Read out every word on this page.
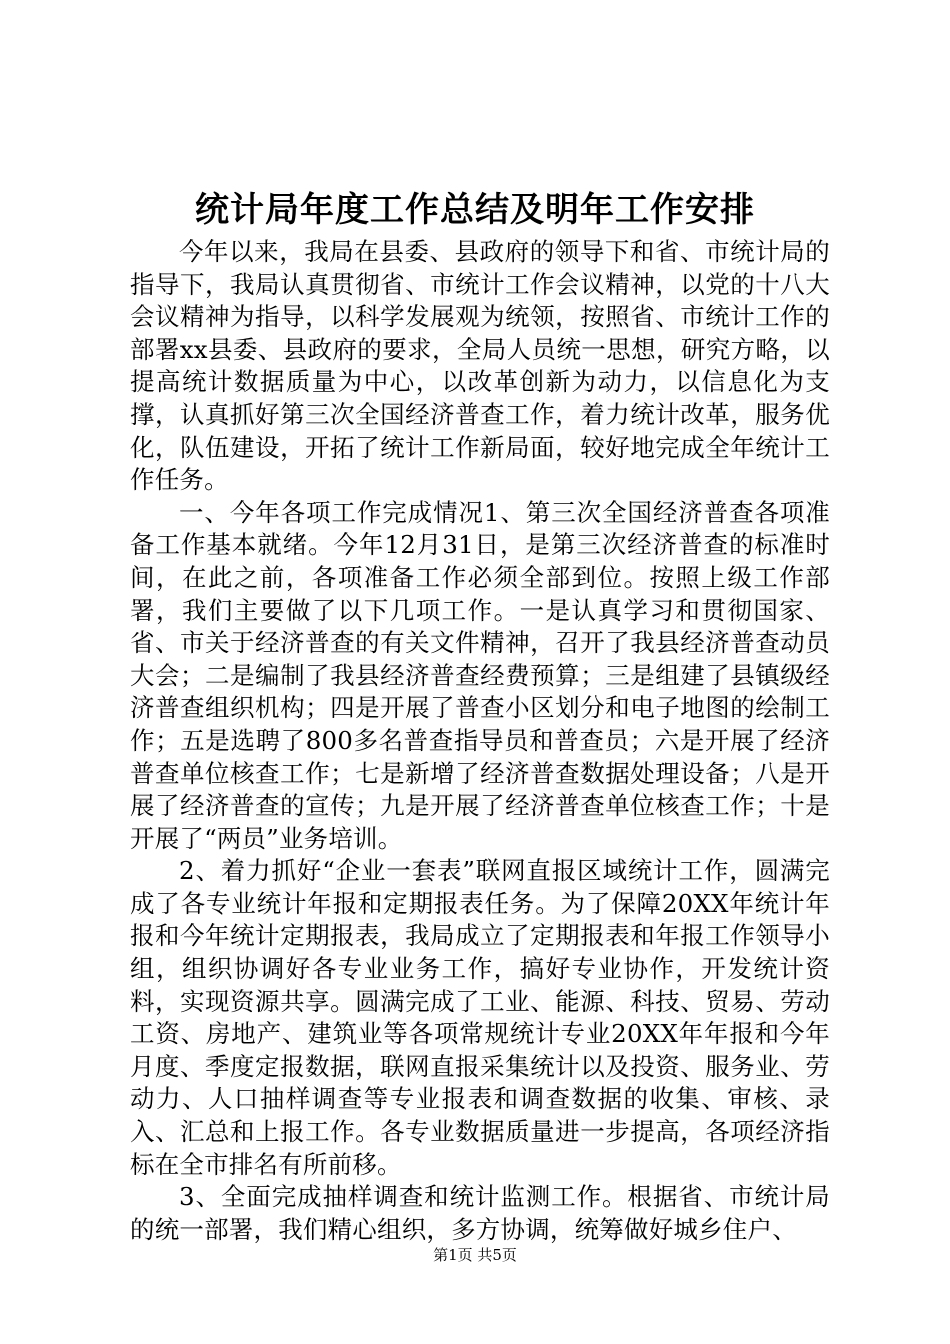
统计局年度工作总结及明年工作安排

今年以来，我局在县委、县政府的领导下和省、市统计局的指导下，我局认真贯彻省、市统计工作会议精神，以党的十八大会议精神为指导，以科学发展观为统领，按照省、市统计工作的部署xx县委、县政府的要求，全局人员统一思想，研究方略，以提高统计数据质量为中心，以改革创新为动力，以信息化为支撑，认真抓好第三次全国经济普查工作，着力统计改革，服务优化，队伍建设，开拓了统计工作新局面，较好地完成全年统计工作任务。

一、今年各项工作完成情况1、第三次全国经济普查各项准备工作基本就绪。今年12月31日，是第三次经济普查的标准时间，在此之前，各项准备工作必须全部到位。按照上级工作部署，我们主要做了以下几项工作。一是认真学习和贯彻国家、省、市关于经济普查的有关文件精神，召开了我县经济普查动员大会；二是编制了我县经济普查经费预算；三是组建了县镇级经济普查组织机构；四是开展了普查小区划分和电子地图的绘制工作；五是选聘了800多名普查指导员和普查员；六是开展了经济普查单位核查工作；七是新增了经济普查数据处理设备；八是开展了经济普查的宣传；九是开展了经济普查单位核查工作；十是开展了“两员”业务培训。

2、着力抓好“企业一套表”联网直报区域统计工作，圆满完成了各专业统计年报和定期报表任务。为了保障20XX年统计年报和今年统计定期报表，我局成立了定期报表和年报工作领导小组，组织协调好各专业业务工作，搞好专业协作，开发统计资料，实现资源共享。圆满完成了工业、能源、科技、贸易、劳动工资、房地产、建筑业等各项常规统计专业20XX年年报和今年月度、季度定报数据，联网直报采集统计以及投资、服务业、劳动力、人口抽样调查等专业报表和调查数据的收集、审核、录入、汇总和上报工作。各专业数据质量进一步提高，各项经济指标在全市排名有所前移。

3、全面完成抽样调查和统计监测工作。根据省、市统计局的统一部署，我们精心组织，多方协调，统筹做好城乡住户、

第1页 共5页
